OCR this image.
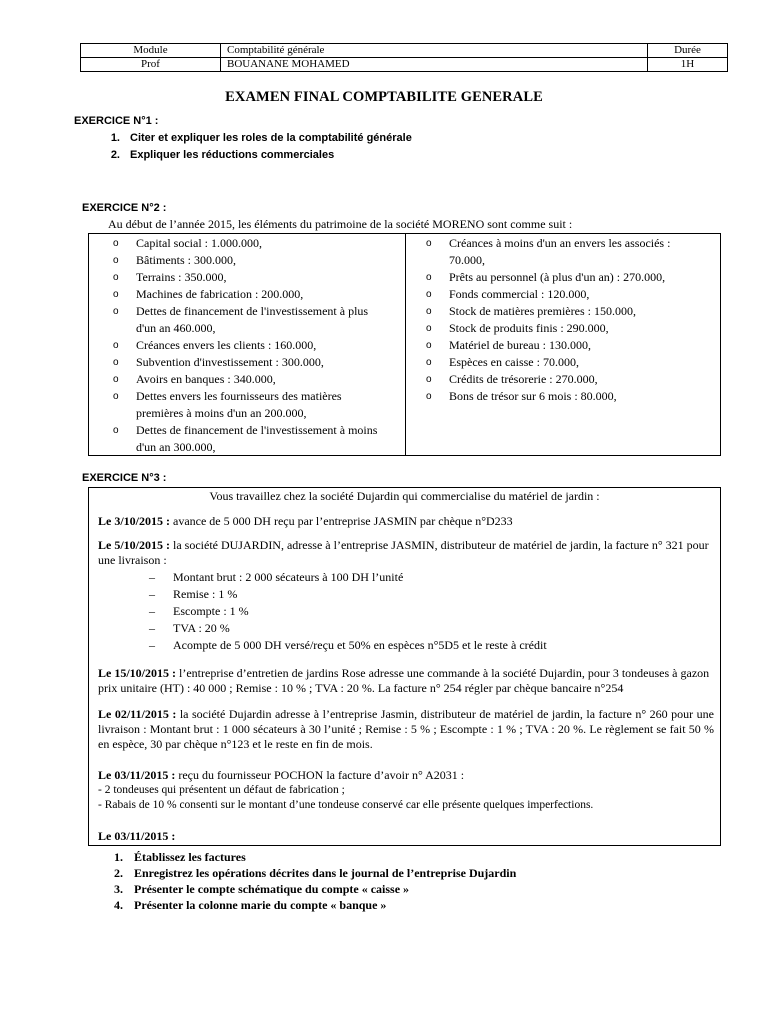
Module	Comptabilité générale	Durée
Prof	BOUANANE MOHAMED	1H
EXAMEN FINAL COMPTABILITE GENERALE
EXERCICE N°1 :
1. Citer et expliquer les roles de la comptabilité générale
2. Expliquer les réductions commerciales
EXERCICE N°2 :
Au début de l’année 2015, les éléments du patrimoine de la société MORENO sont comme suit :
o	Capital social : 1.000.000,
o	Bâtiments : 300.000,
o	Terrains : 350.000,
o	Machines de fabrication : 200.000,
o	Dettes de financement de l'investissement à plus d'un an 460.000,
o	Créances envers les clients : 160.000,
o	Subvention d'investissement : 300.000,
o	Avoirs en banques : 340.000,
o	Dettes envers les fournisseurs des matières premières à moins d'un an 200.000,
o	Dettes de financement de l'investissement à moins d'un an 300.000,
o	Créances à moins d'un an envers les associés : 70.000,
o	Prêts au personnel (à plus d'un an) : 270.000,
o	Fonds commercial : 120.000,
o	Stock de matières premières : 150.000,
o	Stock de produits finis : 290.000,
o	Matériel de bureau : 130.000,
o	Espèces en caisse : 70.000,
o	Crédits de trésorerie : 270.000,
o	Bons de trésor sur 6 mois : 80.000,
EXERCICE N°3 :
Vous travaillez chez la société Dujardin qui commercialise du matériel de jardin :
Le 3/10/2015 : avance de 5 000 DH reçu par l’entreprise JASMIN par chèque n°D233
Le 5/10/2015 : la société DUJARDIN, adresse à l’entreprise JASMIN, distributeur de matériel de jardin, la facture n° 321 pour une livraison :
– Montant brut : 2 000 sécateurs à 100 DH l’unité
– Remise : 1 %
– Escompte : 1 %
– TVA : 20 %
– Acompte de 5 000 DH versé/reçu et 50% en espèces n°5D5 et le reste à crédit
Le 15/10/2015 : l’entreprise d’entretien de jardins Rose adresse une commande à la société Dujardin, pour 3 tondeuses à gazon prix unitaire (HT) : 40 000 ; Remise : 10 % ; TVA : 20 %. La facture n° 254 régler par chèque bancaire n°254
Le 02/11/2015 : la société Dujardin adresse à l’entreprise Jasmin, distributeur de matériel de jardin, la facture n° 260 pour une livraison : Montant brut : 1 000 sécateurs à 30 l’unité ; Remise : 5 % ; Escompte : 1 % ; TVA : 20 %. Le règlement se fait 50 % en espèce, 30 par chèque n°123 et le reste en fin de mois.
Le 03/11/2015 : reçu du fournisseur POCHON la facture d’avoir n° A2031 :
- 2 tondeuses qui présentent un défaut de fabrication ;
- Rabais de 10 % consenti sur le montant d’une tondeuse conservé car elle présente quelques imperfections.
Le 03/11/2015 :
1. Établissez les factures
2. Enregistrez les opérations décrites dans le journal de l’entreprise Dujardin
3. Présenter le compte schématique du compte « caisse »
4. Présenter la colonne marie du compte « banque »
